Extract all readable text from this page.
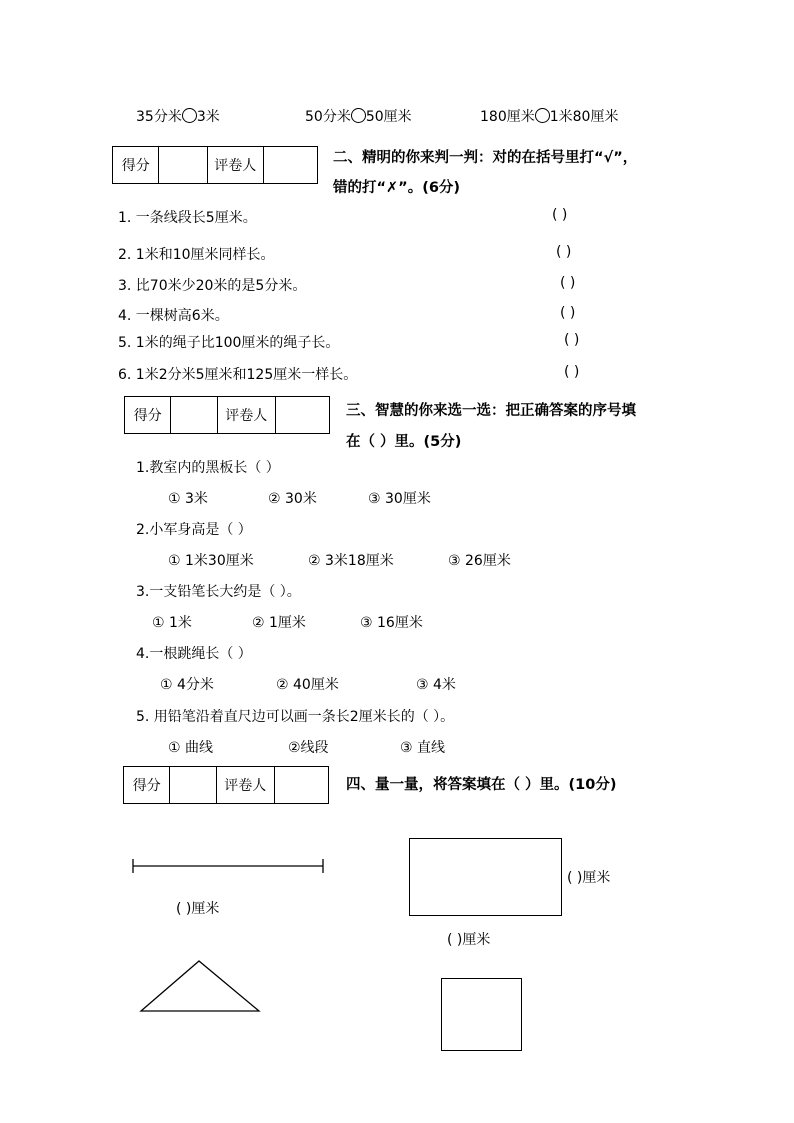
35分米 3米	50分米 50厘米	180厘米 1米80厘米
得分		评卷人		二、精明的你来判一判：对的在括号里打“√”，
错的打“✗”。(6分)
1. 一条线段长5厘米。	( )
2. 1米和10厘米同样长。	( )
3. 比70米少20米的是5分米。	( )
4. 一棵树高6米。	( )
5. 1米的绳子比100厘米的绳子长。	( )
6. 1米2分米5厘米和125厘米一样长。	( )
得分		评卷人		三、智慧的你来选一选：把正确答案的序号填
在（ ）里。(5分)
1.教室内的黑板长（ ）
① 3米	② 30米	③ 30厘米
2.小军身高是（ ）
① 1米30厘米	② 3米18厘米	③ 26厘米
3.一支铅笔长大约是（ ）。
① 1米	② 1厘米	③ 16厘米
4.一根跳绳长（ ）
① 4分米	② 40厘米	③ 4米
5. 用铅笔沿着直尺边可以画一条长2厘米长的（ ）。
① 曲线	②线段	③ 直线
得分		评卷人		四、量一量，将答案填在（ ）里。(10分)
( )厘米
( )厘米
( )厘米
